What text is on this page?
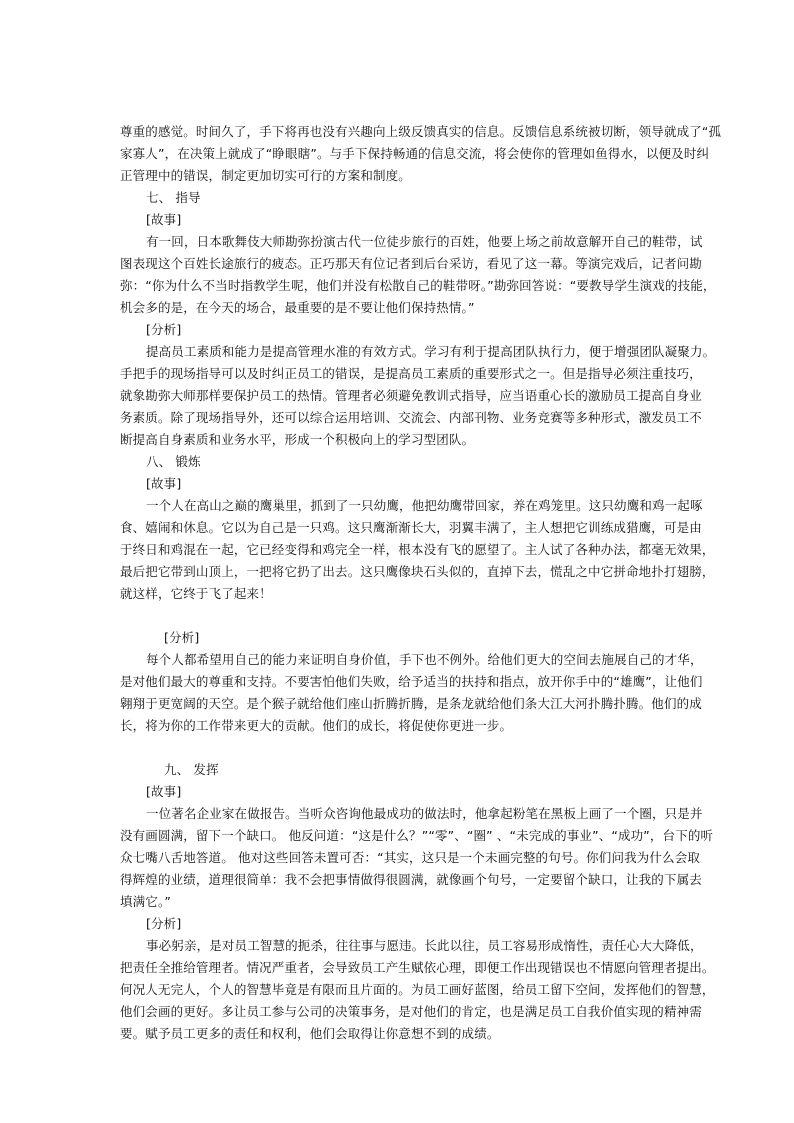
尊重的感觉。时间久了，手下将再也没有兴趣向上级反馈真实的信息。反馈信息系统被切断，领导就成了“孤
家寡人”，在决策上就成了“睁眼瞎”。与手下保持畅通的信息交流，将会使你的管理如鱼得水，以便及时纠
正管理中的错误，制定更加切实可行的方案和制度。
七、 指导
[故事]
有一回，日本歌舞伎大师勘弥扮演古代一位徒步旅行的百姓，他要上场之前故意解开自己的鞋带，试
图表现这个百姓长途旅行的疲态。正巧那天有位记者到后台采访，看见了这一幕。等演完戏后，记者问勘
弥：“你为什么不当时指教学生呢，他们并没有松散自己的鞋带呀。”勘弥回答说：“要教导学生演戏的技能，
机会多的是，在今天的场合，最重要的是不要让他们保持热情。”
[分析]
提高员工素质和能力是提高管理水准的有效方式。学习有利于提高团队执行力，便于增强团队凝聚力。
手把手的现场指导可以及时纠正员工的错误，是提高员工素质的重要形式之一。但是指导必须注重技巧，
就象勘弥大师那样要保护员工的热情。管理者必须避免教训式指导，应当语重心长的激励员工提高自身业
务素质。除了现场指导外，还可以综合运用培训、交流会、内部刊物、业务竞赛等多种形式，激发员工不
断提高自身素质和业务水平，形成一个积极向上的学习型团队。
八、 锻炼
[故事]
一个人在高山之巅的鹰巢里，抓到了一只幼鹰，他把幼鹰带回家，养在鸡笼里。这只幼鹰和鸡一起啄
食、嬉闹和休息。它以为自己是一只鸡。这只鹰渐渐长大，羽翼丰满了，主人想把它训练成猎鹰，可是由
于终日和鸡混在一起，它已经变得和鸡完全一样，根本没有飞的愿望了。主人试了各种办法，都毫无效果，
最后把它带到山顶上，一把将它扔了出去。这只鹰像块石头似的，直掉下去，慌乱之中它拼命地扑打翅膀，
就这样，它终于飞了起来！
[分析]
每个人都希望用自己的能力来证明自身价值，手下也不例外。给他们更大的空间去施展自己的才华，
是对他们最大的尊重和支持。不要害怕他们失败，给予适当的扶持和指点，放开你手中的“雄鹰”，让他们
翱翔于更宽阔的天空。是个猴子就给他们座山折腾折腾，是条龙就给他们条大江大河扑腾扑腾。他们的成
长，将为你的工作带来更大的贡献。他们的成长，将促使你更进一步。
九、 发挥
[故事]
一位著名企业家在做报告。当听众咨询他最成功的做法时，他拿起粉笔在黑板上画了一个圈，只是并
没有画圆满，留下一个缺口。 他反问道：“这是什么？”“零”、“圈” 、“未完成的事业”、“成功”，台下的听
众七嘴八舌地答道。 他对这些回答未置可否：“其实，这只是一个未画完整的句号。你们问我为什么会取
得辉煌的业绩，道理很简单：我不会把事情做得很圆满，就像画个句号，一定要留个缺口，让我的下属去
填满它。”
[分析]
事必躬亲，是对员工智慧的扼杀，往往事与愿违。长此以往，员工容易形成惰性，责任心大大降低，
把责任全推给管理者。情况严重者，会导致员工产生赋依心理，即便工作出现错误也不情愿向管理者提出。
何况人无完人，个人的智慧毕竟是有限而且片面的。为员工画好蓝图，给员工留下空间，发挥他们的智慧，
他们会画的更好。多让员工参与公司的决策事务，是对他们的肯定，也是满足员工自我价值实现的精神需
要。赋予员工更多的责任和权利，他们会取得让你意想不到的成绩。
